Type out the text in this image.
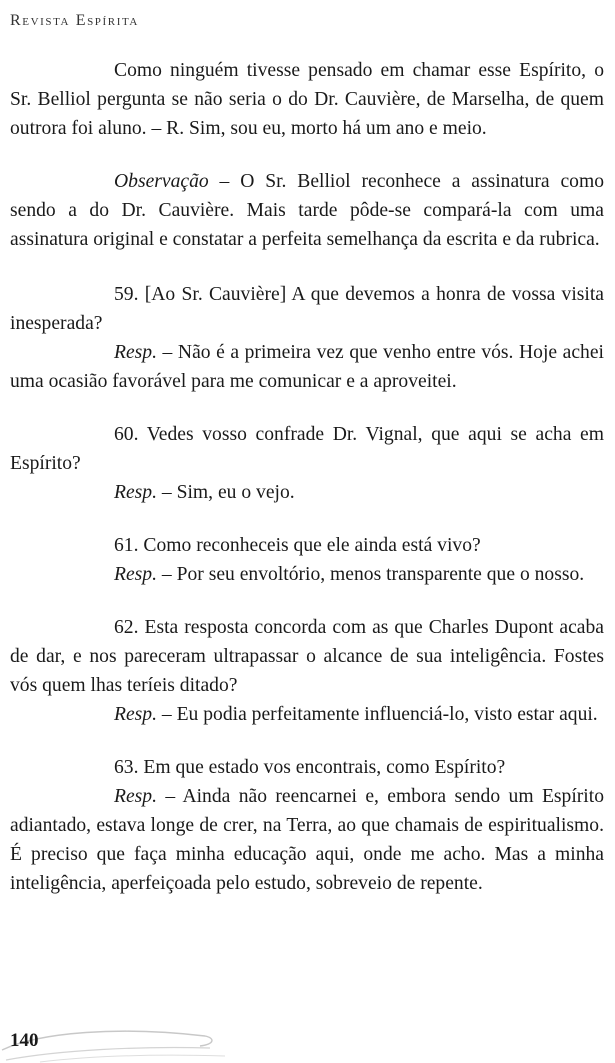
Revista Espírita

Como ninguém tivesse pensado em chamar esse Espírito, o Sr. Belliol pergunta se não seria o do Dr. Cauvière, de Marselha, de quem outrora foi aluno. – R. Sim, sou eu, morto há um ano e meio.

Observação – O Sr. Belliol reconhece a assinatura como sendo a do Dr. Cauvière. Mais tarde pôde-se compará-la com uma assinatura original e constatar a perfeita semelhança da escrita e da rubrica.

59. [Ao Sr. Cauvière] A que devemos a honra de vossa visita inesperada?

Resp. – Não é a primeira vez que venho entre vós. Hoje achei uma ocasião favorável para me comunicar e a aproveitei.

60. Vedes vosso confrade Dr. Vignal, que aqui se acha em Espírito?

Resp. – Sim, eu o vejo.

61. Como reconheceis que ele ainda está vivo?

Resp. – Por seu envoltório, menos transparente que o nosso.

62. Esta resposta concorda com as que Charles Dupont acaba de dar, e nos pareceram ultrapassar o alcance de sua inteligência. Fostes vós quem lhas teríeis ditado?

Resp. – Eu podia perfeitamente influenciá-lo, visto estar aqui.

63. Em que estado vos encontrais, como Espírito?

Resp. – Ainda não reencarnei e, embora sendo um Espírito adiantado, estava longe de crer, na Terra, ao que chamais de espiritualismo. É preciso que faça minha educação aqui, onde me acho. Mas a minha inteligência, aperfeiçoada pelo estudo, sobreveio de repente.

140
